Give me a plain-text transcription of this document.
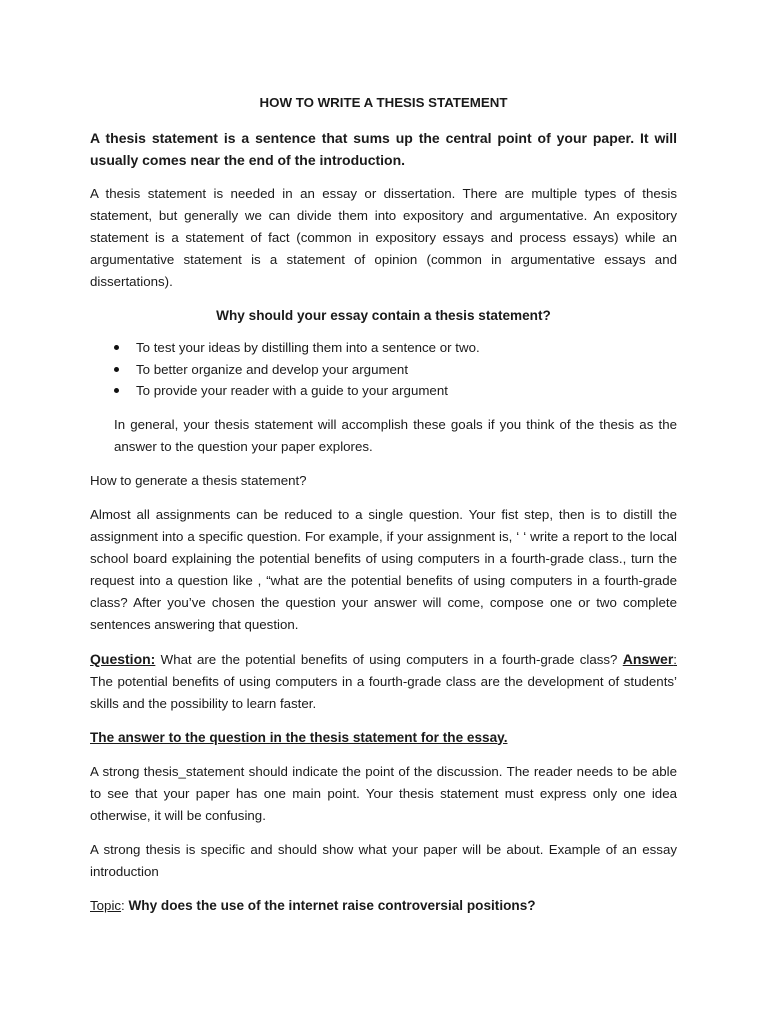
HOW TO WRITE A THESIS STATEMENT
A thesis statement is a sentence that sums up the central point of your paper. It will usually comes near the end of the introduction.
A thesis statement is needed in an essay or dissertation. There are multiple types of thesis statement, but generally we can divide them into expository and argumentative. An expository statement is a statement of fact (common in expository essays and process essays) while an argumentative statement is a statement of opinion (common in argumentative essays and dissertations).
Why should your essay contain a thesis statement?
To test your ideas by distilling them into a sentence or two.
To better organize and develop your argument
To provide your reader with a guide to your argument
In general, your thesis statement will accomplish these goals if you think of the thesis as the answer to the question your paper explores.
How to generate a thesis statement?
Almost all assignments can be reduced to a single question. Your fist step, then is to distill the assignment into a specific question. For example, if your assignment is, ‘ ‘ write a report to the local school board explaining the potential benefits of using computers in a fourth-grade class., turn the request into a question like , “what are the potential benefits of using computers in a fourth-grade class? After you’ve chosen the question your answer will come, compose one or two complete sentences answering that question.
Question: What are the potential benefits of using computers in a fourth-grade class? Answer: The potential benefits of using computers in a fourth-grade class are the development of students’ skills and the possibility to learn faster.
The answer to the question in the thesis statement for the essay.
A strong thesis_statement should indicate the point of the discussion. The reader needs to be able to see that your paper has one main point. Your thesis statement must express only one idea otherwise, it will be confusing.
A strong thesis is specific and should show what your paper will be about. Example of an essay introduction
Topic: Why does the use of the internet raise controversial positions?
